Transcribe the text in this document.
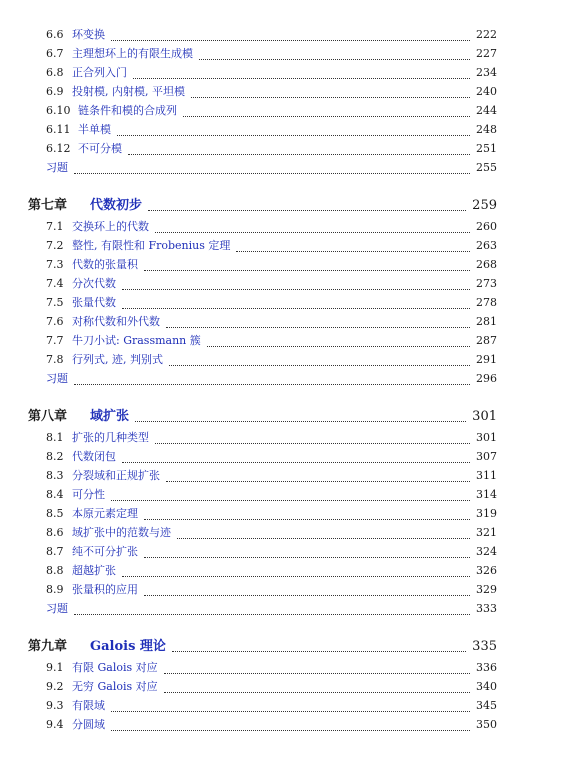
6.6 环变换	222
6.7 主理想环上的有限生成模	227
6.8 正合列入门	234
6.9 投射模, 内射模, 平坦模	240
6.10 链条件和模的合成列	244
6.11 半单模	248
6.12 不可分模	251
习题	255
第七章	代数初步	259
7.1 交换环上的代数	260
7.2 整性, 有限性和 Frobenius 定理	263
7.3 代数的张量积	268
7.4 分次代数	273
7.5 张量代数	278
7.6 对称代数和外代数	281
7.7 牛刀小试: Grassmann 簇	287
7.8 行列式, 迹, 判别式	291
习题	296
第八章	域扩张	301
8.1 扩张的几种类型	301
8.2 代数闭包	307
8.3 分裂域和正规扩张	311
8.4 可分性	314
8.5 本原元素定理	319
8.6 域扩张中的范数与迹	321
8.7 纯不可分扩张	324
8.8 超越扩张	326
8.9 张量积的应用	329
习题	333
第九章	Galois 理论	335
9.1 有限 Galois 对应	336
9.2 无穷 Galois 对应	340
9.3 有限域	345
9.4 分圆域	350
